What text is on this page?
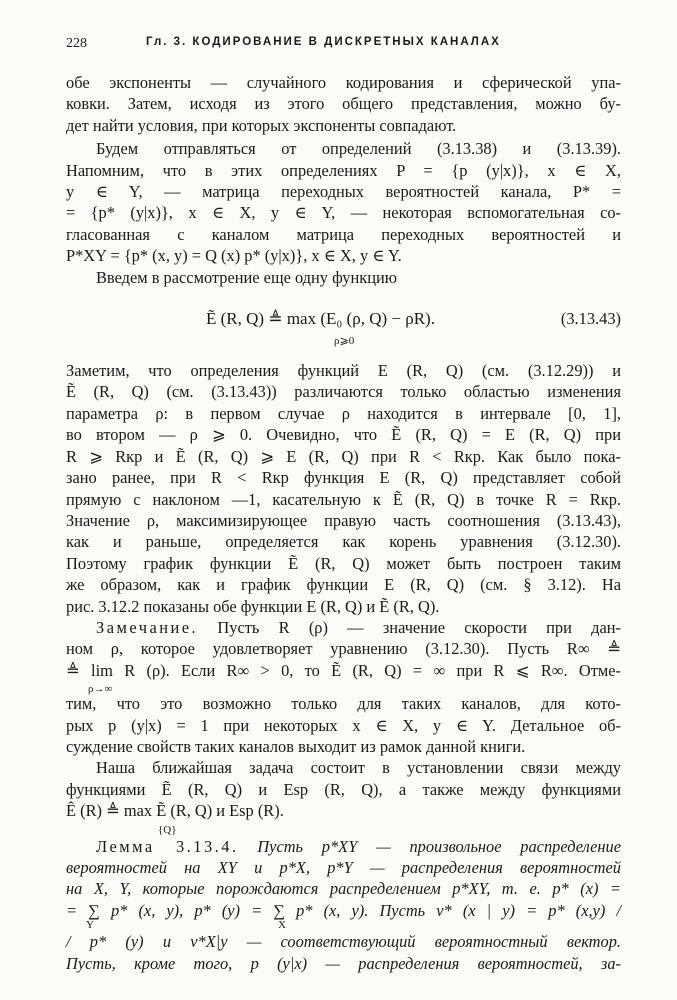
228	Гл. 3. КОДИРОВАНИЕ В ДИСКРЕТНЫХ КАНАЛАХ
обе экспоненты — случайного кодирования и сферической упа-
ковки. Затем, исходя из этого общего представления, можно бу-
дет найти условия, при которых экспоненты совпадают.
Будем отправляться от определений (3.13.38) и (3.13.39).
Напомним, что в этих определениях P = {p (y|x)}, x ∈ X,
y ∈ Y, — матрица переходных вероятностей канала, P* =
= {p* (y|x)}, x ∈ X, y ∈ Y, — некоторая вспомогательная со-
гласованная с каналом матрица переходных вероятностей и
P*XY = {p* (x, y) = Q (x) p* (y|x)}, x ∈ X, y ∈ Y.
Введем в рассмотрение еще одну функцию
Ẽ (R, Q) ≜ max (E₀ (ρ, Q) − ρR).
ρ⩾0
(3.13.43)
Заметим, что определения функций E (R, Q) (см. (3.12.29)) и
Ẽ (R, Q) (см. (3.13.43)) различаются только областью изменения
параметра ρ: в первом случае ρ находится в интервале [0, 1],
во втором — ρ ⩾ 0. Очевидно, что Ẽ (R, Q) = E (R, Q) при
R ⩾ Rкр и Ẽ (R, Q) ⩾ E (R, Q) при R < Rкр. Как было пока-
зано ранее, при R < Rкр функция E (R, Q) представляет собой
прямую с наклоном —1, касательную к Ẽ (R, Q) в точке R = Rкр.
Значение ρ, максимизирующее правую часть соотношения (3.13.43),
как и раньше, определяется как корень уравнения (3.12.30).
Поэтому график функции Ẽ (R, Q) может быть построен таким
же образом, как и график функции E (R, Q) (см. § 3.12). На
рис. 3.12.2 показаны обе функции E (R, Q) и Ẽ (R, Q).
Замечание. Пусть R (ρ) — значение скорости при дан-
ном ρ, которое удовлетворяет уравнению (3.12.30). Пусть R∞ ≜
≜ lim R (ρ). Если R∞ > 0, то Ẽ (R, Q) = ∞ при R ⩽ R∞. Отме-
ρ→∞
тим, что это возможно только для таких каналов, для кото-
рых p (y|x) = 1 при некоторых x ∈ X, y ∈ Y. Детальное об-
суждение свойств таких каналов выходит из рамок данной книги.
Наша ближайшая задача состоит в установлении связи между
функциями Ẽ (R, Q) и Esp (R, Q), а также между функциями
Ê (R) ≜ max Ẽ (R, Q) и Esp (R).
{Q}
Лемма 3.13.4. Пусть p*XY — произвольное распределение
вероятностей на XY и p*X, p*Y — распределения вероятностей
на X, Y, которые порождаются распределением p*XY, т. е. p* (x) =
= ∑ p* (x, y), p* (y) = ∑ p* (x, y). Пусть v* (x | y) = p* (x,y) /
Y	X
/ p* (y) и v*X|y — соответствующий вероятностный вектор.
Пусть, кроме того, p (y|x) — распределения вероятностей, за-
